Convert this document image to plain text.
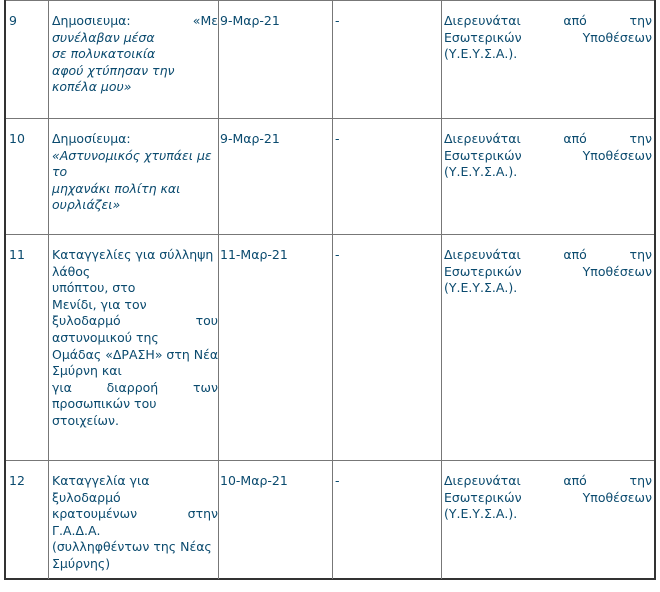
9	Δημοσιευμα:	«Με
συνέλαβαν μέσα
σε πολυκατοικία
αφού χτύπησαν την
κοπέλα μου»
9-Μαρ-21	-	Διερευνάται	από	την
Εσωτερικών	Υποθέσεων
(Υ.Ε.Υ.Σ.Α.).
10 Δημοσίευμα:
«Αστυνομικός χτυπάει με
το
μηχανάκι πολίτη και
ουρλιάζει»
9-Μαρ-21	-	Διερευνάται	από	την
Εσωτερικών	Υποθέσεων
(Υ.Ε.Υ.Σ.Α.).
11 Καταγγελίες για σύλληψη
λάθος
υπόπτου, στο
Μενίδι, για τον
ξυλοδαρμό	του
αστυνομικού της
Ομάδας «ΔΡΑΣΗ» στη Νέα
Σμύρνη και
για	διαρροή	των
προσωπικών του
στοιχείων.
11-Μαρ-21	-	Διερευνάται	από	την
Εσωτερικών	Υποθέσεων
(Υ.Ε.Υ.Σ.Α.).
12 Καταγγελία για
ξυλοδαρμό
κρατουμένων	στην
Γ.Α.Δ.Α.
(συλληφθέντων της Νέας
Σμύρνης)
10-Μαρ-21	-	Διερευνάται	από	την
Εσωτερικών	Υποθέσεων
(Υ.Ε.Υ.Σ.Α.).
